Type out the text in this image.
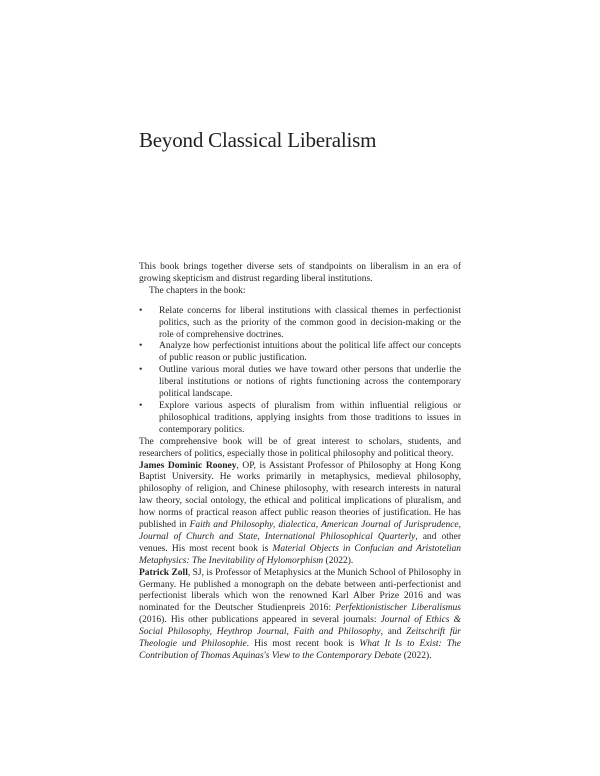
Beyond Classical Liberalism

This book brings together diverse sets of standpoints on liberalism in an era of growing skepticism and distrust regarding liberal institutions.

The chapters in the book:

• Relate concerns for liberal institutions with classical themes in perfectionist politics, such as the priority of the common good in decision-making or the role of comprehensive doctrines.
• Analyze how perfectionist intuitions about the political life affect our concepts of public reason or public justification.
• Outline various moral duties we have toward other persons that underlie the liberal institutions or notions of rights functioning across the contemporary political landscape.
• Explore various aspects of pluralism from within influential religious or philosophical traditions, applying insights from those traditions to issues in contemporary politics.

The comprehensive book will be of great interest to scholars, students, and researchers of politics, especially those in political philosophy and political theory.

James Dominic Rooney, OP, is Assistant Professor of Philosophy at Hong Kong Baptist University. He works primarily in metaphysics, medieval philosophy, philosophy of religion, and Chinese philosophy, with research interests in natural law theory, social ontology, the ethical and political implications of pluralism, and how norms of practical reason affect public reason theories of justification. He has published in Faith and Philosophy, dialectica, American Journal of Jurisprudence, Journal of Church and State, International Philosophical Quarterly, and other venues. His most recent book is Material Objects in Confucian and Aristotelian Metaphysics: The Inevitability of Hylomorphism (2022).

Patrick Zoll, SJ, is Professor of Metaphysics at the Munich School of Philosophy in Germany. He published a monograph on the debate between anti-perfectionist and perfectionist liberals which won the renowned Karl Alber Prize 2016 and was nominated for the Deutscher Studienpreis 2016: Perfektionistischer Liberalismus (2016). His other publications appeared in several journals: Journal of Ethics & Social Philosophy, Heythrop Journal, Faith and Philosophy, and Zeitschrift für Theologie und Philosophie. His most recent book is What It Is to Exist: The Contribution of Thomas Aquinas's View to the Contemporary Debate (2022).
